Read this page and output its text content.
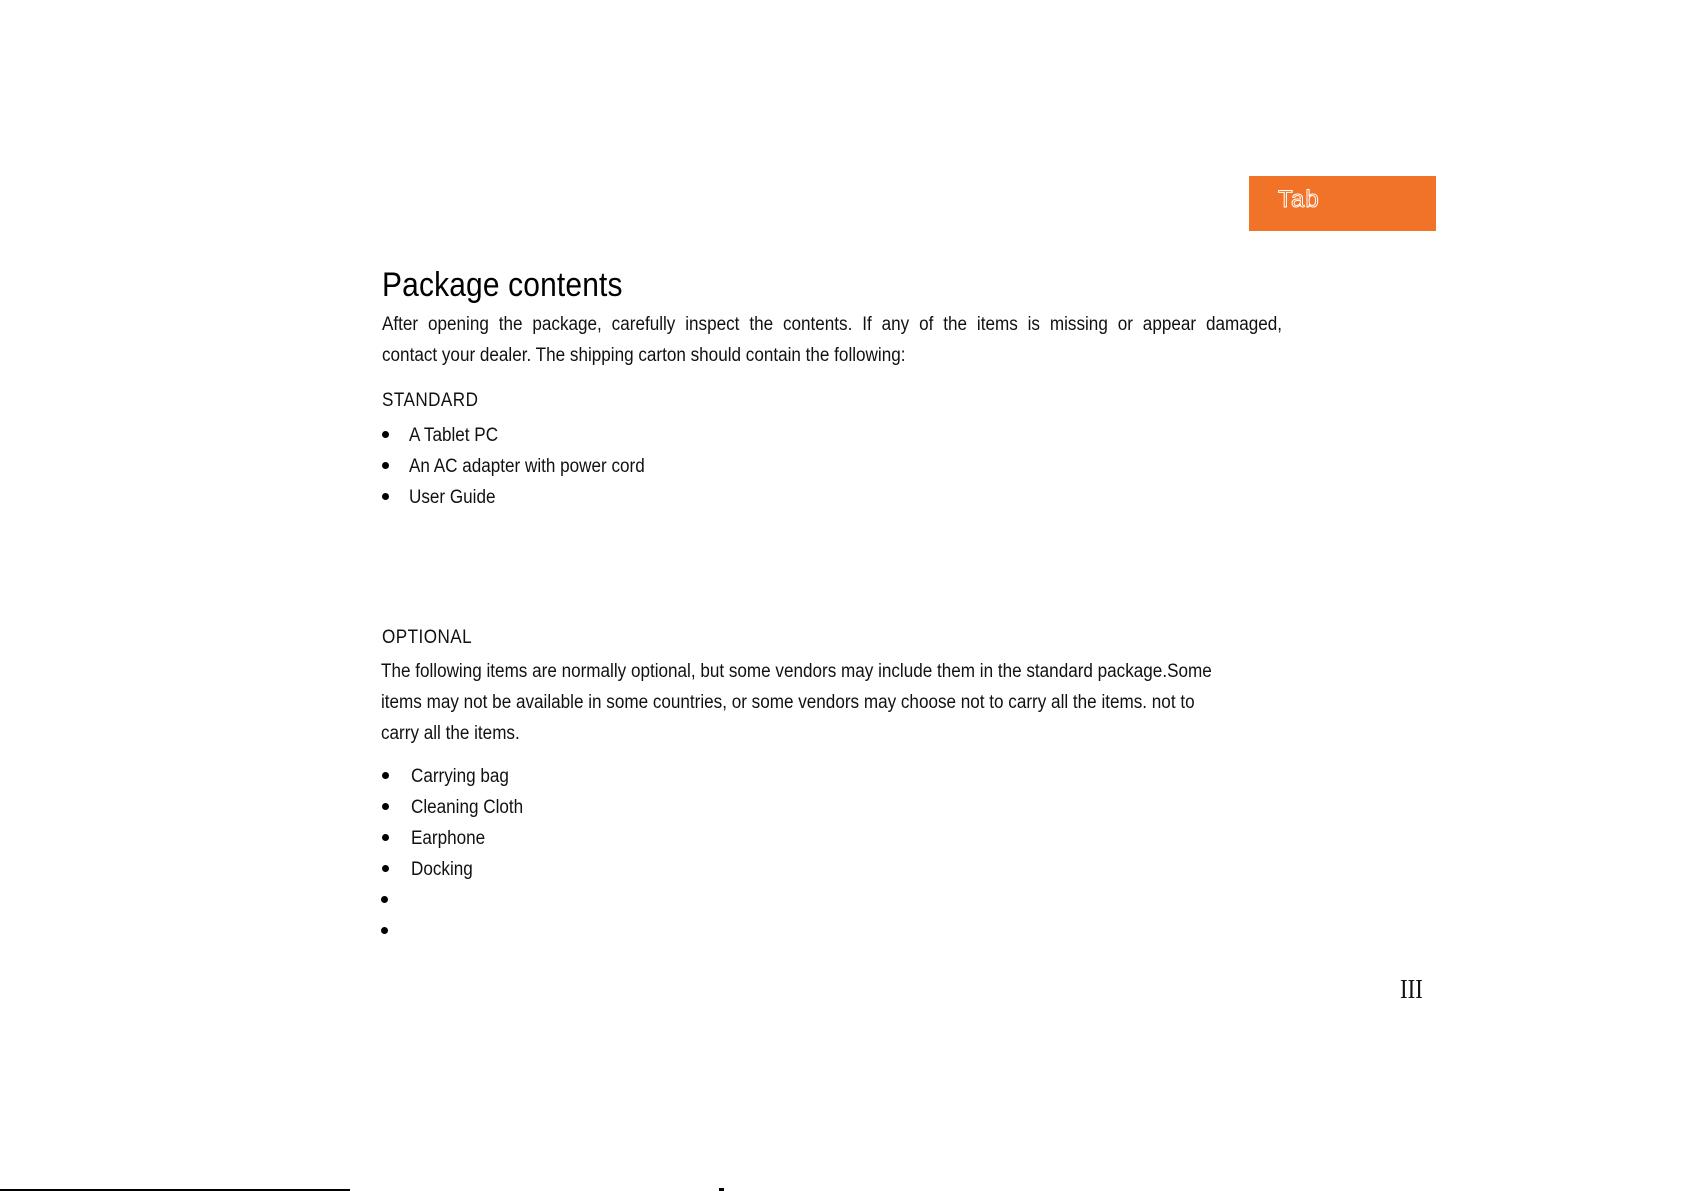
Tab
Package contents

After opening the package, carefully inspect the contents. If any of the items is missing or appear damaged,
contact your dealer. The shipping carton should contain the following:

STANDARD
A Tablet PC
An AC adapter with power cord
User Guide
OPTIONAL

The following items are normally optional, but some vendors may include them in the standard package.Some
items may not be available in some countries, or some vendors may choose not to carry all the items. not to
carry all the items.

Carrying bag
Cleaning Cloth
Earphone
Docking
III
